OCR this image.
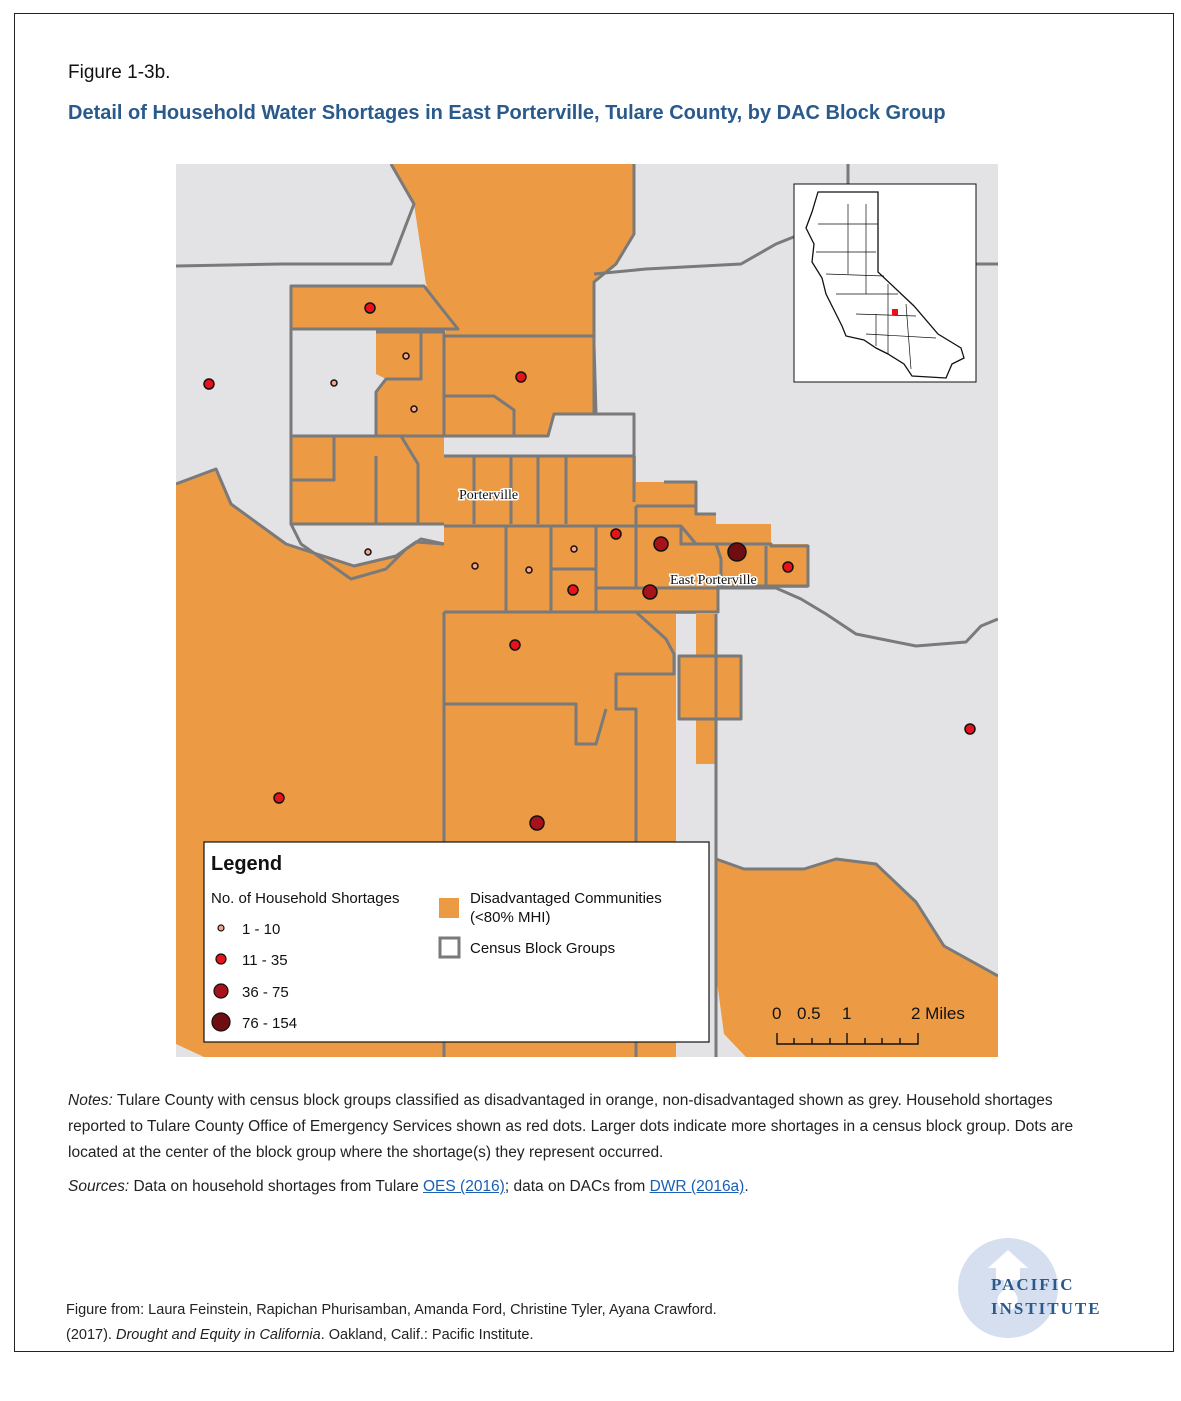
Figure 1-3b.
Detail of Household Water Shortages in East Porterville, Tulare County, by DAC Block Group
Porterville
East Porterville
Legend
No. of Household Shortages
1 - 10
11 - 35
36 - 75
76 - 154
Disadvantaged Communities
(<80% MHI)
Census Block Groups
0 0.5 1	2 Miles
Notes: Tulare County with census block groups classified as disadvantaged in orange, non-disadvantaged shown as grey. Household shortages reported to Tulare County Office of Emergency Services shown as red dots. Larger dots indicate more shortages in a census block group. Dots are located at the center of the block group where the shortage(s) they represent occurred.
Sources: Data on household shortages from Tulare OES (2016); data on DACs from DWR (2016a).
Figure from: Laura Feinstein, Rapichan Phurisamban, Amanda Ford, Christine Tyler, Ayana Crawford.
(2017). Drought and Equity in California. Oakland, Calif.: Pacific Institute.
PACIFIC
INSTITUTE
